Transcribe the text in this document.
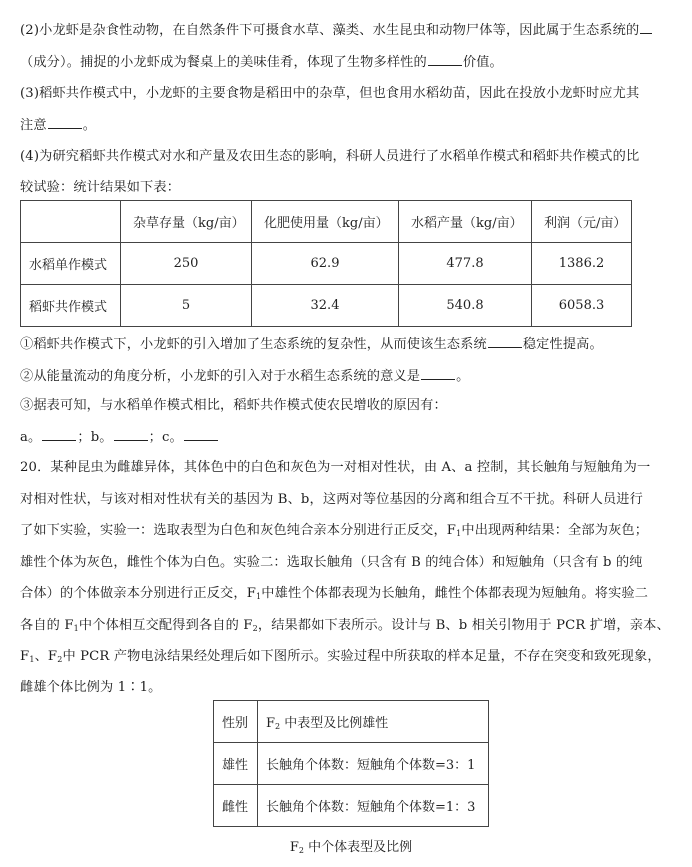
(2)小龙虾是杂食性动物，在自然条件下可摄食水草、藻类、水生昆虫和动物尸体等，因此属于生态系统的
（成分）。捕捉的小龙虾成为餐桌上的美味佳肴，体现了生物多样性的	价值。
(3)稻虾共作模式中，小龙虾的主要食物是稻田中的杂草，但也食用水稻幼苗，因此在投放小龙虾时应尤其
注意	。
(4)为研究稻虾共作模式对水和产量及农田生态的影响，科研人员进行了水稻单作模式和稻虾共作模式的比
较试验：统计结果如下表：
	杂草存量（kg/亩）	化肥使用量（kg/亩）	水稻产量（kg/亩）	利润（元/亩）
水稻单作模式	250	62.9	477.8	1386.2
稻虾共作模式	5	32.4	540.8	6058.3
①稻虾共作模式下，小龙虾的引入增加了生态系统的复杂性，从而使该生态系统	稳定性提高。
②从能量流动的角度分析，小龙虾的引入对于水稻生态系统的意义是	。
③据表可知，与水稻单作模式相比，稻虾共作模式使农民增收的原因有：
a。	；b。	；c。
20．某种昆虫为雌雄异体，其体色中的白色和灰色为一对相对性状，由 A、a 控制，其长触角与短触角为一
对相对性状，与该对相对性状有关的基因为 B、b，这两对等位基因的分离和组合互不干扰。科研人员进行
了如下实验，实验一：选取表型为白色和灰色纯合亲本分别进行正反交，$F_1$中出现两种结果：全部为灰色；
雄性个体为灰色，雌性个体为白色。实验二：选取长触角（只含有 B 的纯合体）和短触角（只含有 b 的纯
合体）的个体做亲本分别进行正反交，$F_1$中雄性个体都表现为长触角，雌性个体都表现为短触角。将实验二
各自的 $F_1$中个体相互交配得到各自的 $F_2$，结果都如下表所示。设计与 B、b 相关引物用于 PCR 扩增，亲本、
$F_1$、$F_2$中 PCR 产物电泳结果经处理后如下图所示。实验过程中所获取的样本足量，不存在突变和致死现象，
雌雄个体比例为 1∶1。
性别	$F_2$ 中表型及比例雄性
雄性	长触角个体数：短触角个体数=3：1
雌性	长触角个体数：短触角个体数=1：3
$F_2$ 中个体表型及比例
